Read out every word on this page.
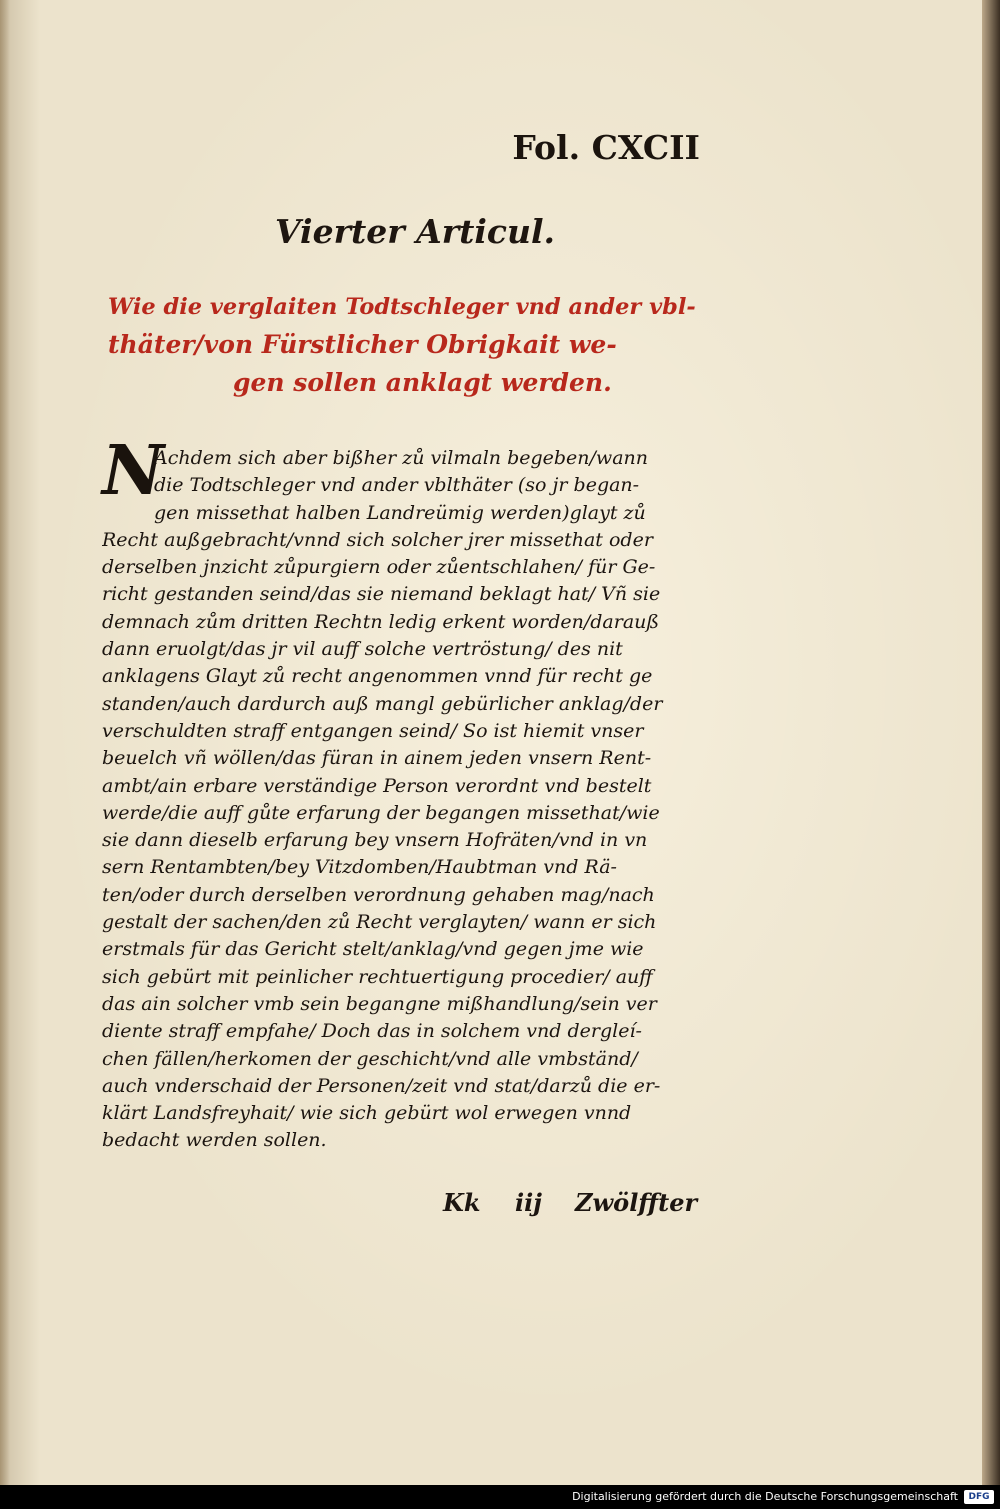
Fol. CXCII
Vierter Articul.
Wie die verglaiten Todtschleger vnd ander vbl-
thäter/von Fürstlicher Obrigkait we-
gen sollen anklagt werden.
N
Achdem sich aber bißher zů vilmaln begeben/wann
die Todtschleger vnd ander vblthäter (so jr began-
gen missethat halben Landreümig werden)glayt zů
Recht außgebracht/vnnd sich solcher jrer missethat oder
derselben jnzicht zůpurgiern oder zůentschlahen/ für Ge-
richt gestanden seind/das sie niemand beklagt hat/ Vñ sie
demnach zům dritten Rechtn ledig erkent worden/darauß
dann eruolgt/das jr vil auff solche vertröstung/ des nit
anklagens Glayt zů recht angenommen vnnd für recht ge
standen/auch dardurch auß mangl gebürlicher anklag/der
verschuldten straff entgangen seind/ So ist hiemit vnser
beuelch vñ wöllen/das füran in ainem jeden vnsern Rent-
ambt/ain erbare verständige Person verordnt vnd bestelt
werde/die auff gůte erfarung der begangen missethat/wie
sie dann dieselb erfarung bey vnsern Hofräten/vnd in vn
sern Rentambten/bey Vitzdomben/Haubtman vnd Rä-
ten/oder durch derselben verordnung gehaben mag/nach
gestalt der sachen/den zů Recht verglayten/ wann er sich
erstmals für das Gericht stelt/anklag/vnd gegen jme wie
sich gebürt mit peinlicher rechtuertigung procedier/ auff
das ain solcher vmb sein begangne mißhandlung/sein ver
diente straff empfahe/ Doch das in solchem vnd dergleí-
chen fällen/herkomen der geschicht/vnd alle vmbständ/
auch vnderschaid der Personen/zeit vnd stat/darzů die er-
klärt Landsfreyhait/ wie sich gebürt wol erwegen vnnd
bedacht werden sollen.
Kk	iij	Zwölffter
Digitalisierung gefördert durch die Deutsche Forschungsgemeinschaft	DFG
